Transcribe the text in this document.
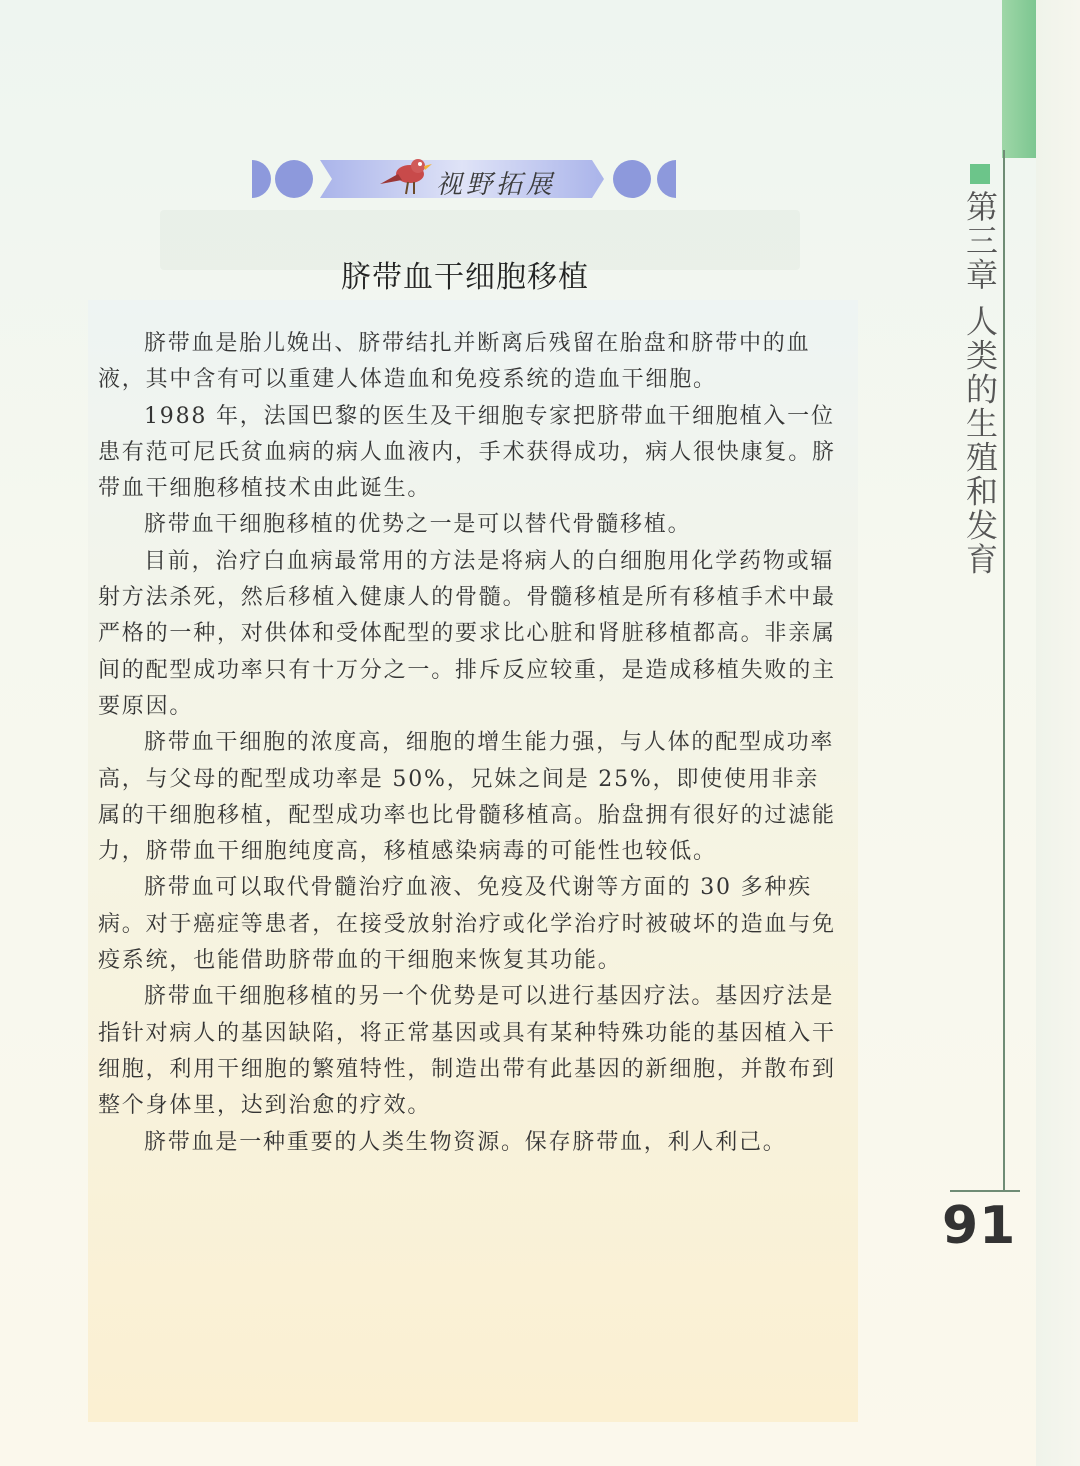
视野拓展
脐带血干细胞移植

脐带血是胎儿娩出、脐带结扎并断离后残留在胎盘和脐带中的血液，其中含有可以重建人体造血和免疫系统的造血干细胞。

1988 年，法国巴黎的医生及干细胞专家把脐带血干细胞植入一位患有范可尼氏贫血病的病人血液内，手术获得成功，病人很快康复。脐带血干细胞移植技术由此诞生。

脐带血干细胞移植的优势之一是可以替代骨髓移植。

目前，治疗白血病最常用的方法是将病人的白细胞用化学药物或辐射方法杀死，然后移植入健康人的骨髓。骨髓移植是所有移植手术中最严格的一种，对供体和受体配型的要求比心脏和肾脏移植都高。非亲属间的配型成功率只有十万分之一。排斥反应较重，是造成移植失败的主要原因。

脐带血干细胞的浓度高，细胞的增生能力强，与人体的配型成功率高，与父母的配型成功率是 50%，兄妹之间是 25%，即使使用非亲属的干细胞移植，配型成功率也比骨髓移植高。胎盘拥有很好的过滤能力，脐带血干细胞纯度高，移植感染病毒的可能性也较低。

脐带血可以取代骨髓治疗血液、免疫及代谢等方面的 30 多种疾病。对于癌症等患者，在接受放射治疗或化学治疗时被破坏的造血与免疫系统，也能借助脐带血的干细胞来恢复其功能。

脐带血干细胞移植的另一个优势是可以进行基因疗法。基因疗法是指针对病人的基因缺陷，将正常基因或具有某种特殊功能的基因植入干细胞，利用干细胞的繁殖特性，制造出带有此基因的新细胞，并散布到整个身体里，达到治愈的疗效。

脐带血是一种重要的人类生物资源。保存脐带血，利人利己。

第三章 人类的生殖和发育
91
